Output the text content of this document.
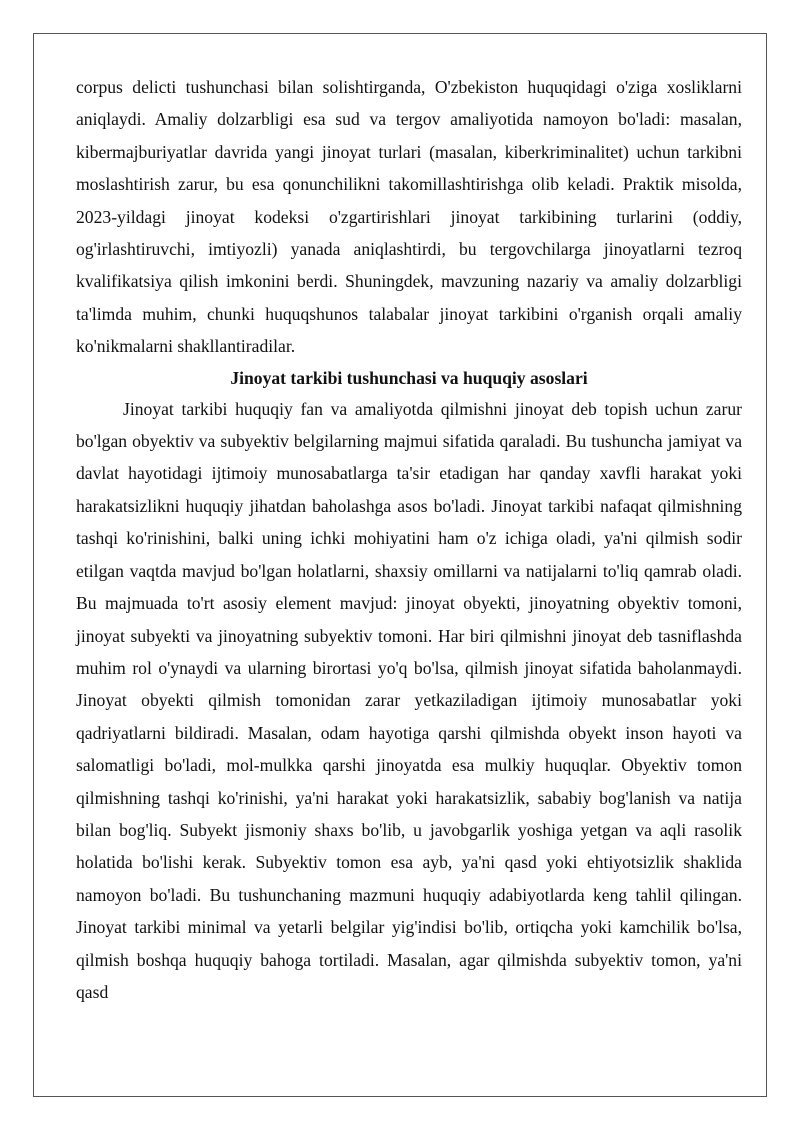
corpus delicti tushunchasi bilan solishtirganda, O'zbekiston huquqidagi o'ziga xosliklarni aniqlaydi. Amaliy dolzarbligi esa sud va tergov amaliyotida namoyon bo'ladi: masalan, kibermajburiyatlar davrida yangi jinoyat turlari (masalan, kiberkriminalitet) uchun tarkibni moslashtirish zarur, bu esa qonunchilikni takomillashtirishga olib keladi. Praktik misolda, 2023-yildagi jinoyat kodeksi o'zgartirishlari jinoyat tarkibining turlarini (oddiy, og'irlashtiruvchi, imtiyozli) yanada aniqlashtirdi, bu tergovchilarga jinoyatlarni tezroq kvalifikatsiya qilish imkonini berdi. Shuningdek, mavzuning nazariy va amaliy dolzarbligi ta'limda muhim, chunki huquqshunos talabalar jinoyat tarkibini o'rganish orqali amaliy ko'nikmalarni shakllantiradilar.

Jinoyat tarkibi tushunchasi va huquqiy asoslari

Jinoyat tarkibi huquqiy fan va amaliyotda qilmishni jinoyat deb topish uchun zarur bo'lgan obyektiv va subyektiv belgilarning majmui sifatida qaraladi. Bu tushuncha jamiyat va davlat hayotidagi ijtimoiy munosabatlarga ta'sir etadigan har qanday xavfli harakat yoki harakatsizlikni huquqiy jihatdan baholashga asos bo'ladi. Jinoyat tarkibi nafaqat qilmishning tashqi ko'rinishini, balki uning ichki mohiyatini ham o'z ichiga oladi, ya'ni qilmish sodir etilgan vaqtda mavjud bo'lgan holatlarni, shaxsiy omillarni va natijalarni to'liq qamrab oladi. Bu majmuada to'rt asosiy element mavjud: jinoyat obyekti, jinoyatning obyektiv tomoni, jinoyat subyekti va jinoyatning subyektiv tomoni. Har biri qilmishni jinoyat deb tasniflashda muhim rol o'ynaydi va ularning birortasi yo'q bo'lsa, qilmish jinoyat sifatida baholanmaydi. Jinoyat obyekti qilmish tomonidan zarar yetkaziladigan ijtimoiy munosabatlar yoki qadriyatlarni bildiradi. Masalan, odam hayotiga qarshi qilmishda obyekt inson hayoti va salomatligi bo'ladi, mol-mulkka qarshi jinoyatda esa mulkiy huquqlar. Obyektiv tomon qilmishning tashqi ko'rinishi, ya'ni harakat yoki harakatsizlik, sababiy bog'lanish va natija bilan bog'liq. Subyekt jismoniy shaxs bo'lib, u javobgarlik yoshiga yetgan va aqli rasolik holatida bo'lishi kerak. Subyektiv tomon esa ayb, ya'ni qasd yoki ehtiyotsizlik shaklida namoyon bo'ladi. Bu tushunchaning mazmuni huquqiy adabiyotlarda keng tahlil qilingan. Jinoyat tarkibi minimal va yetarli belgilar yig'indisi bo'lib, ortiqcha yoki kamchilik bo'lsa, qilmish boshqa huquqiy bahoga tortiladi. Masalan, agar qilmishda subyektiv tomon, ya'ni qasd
